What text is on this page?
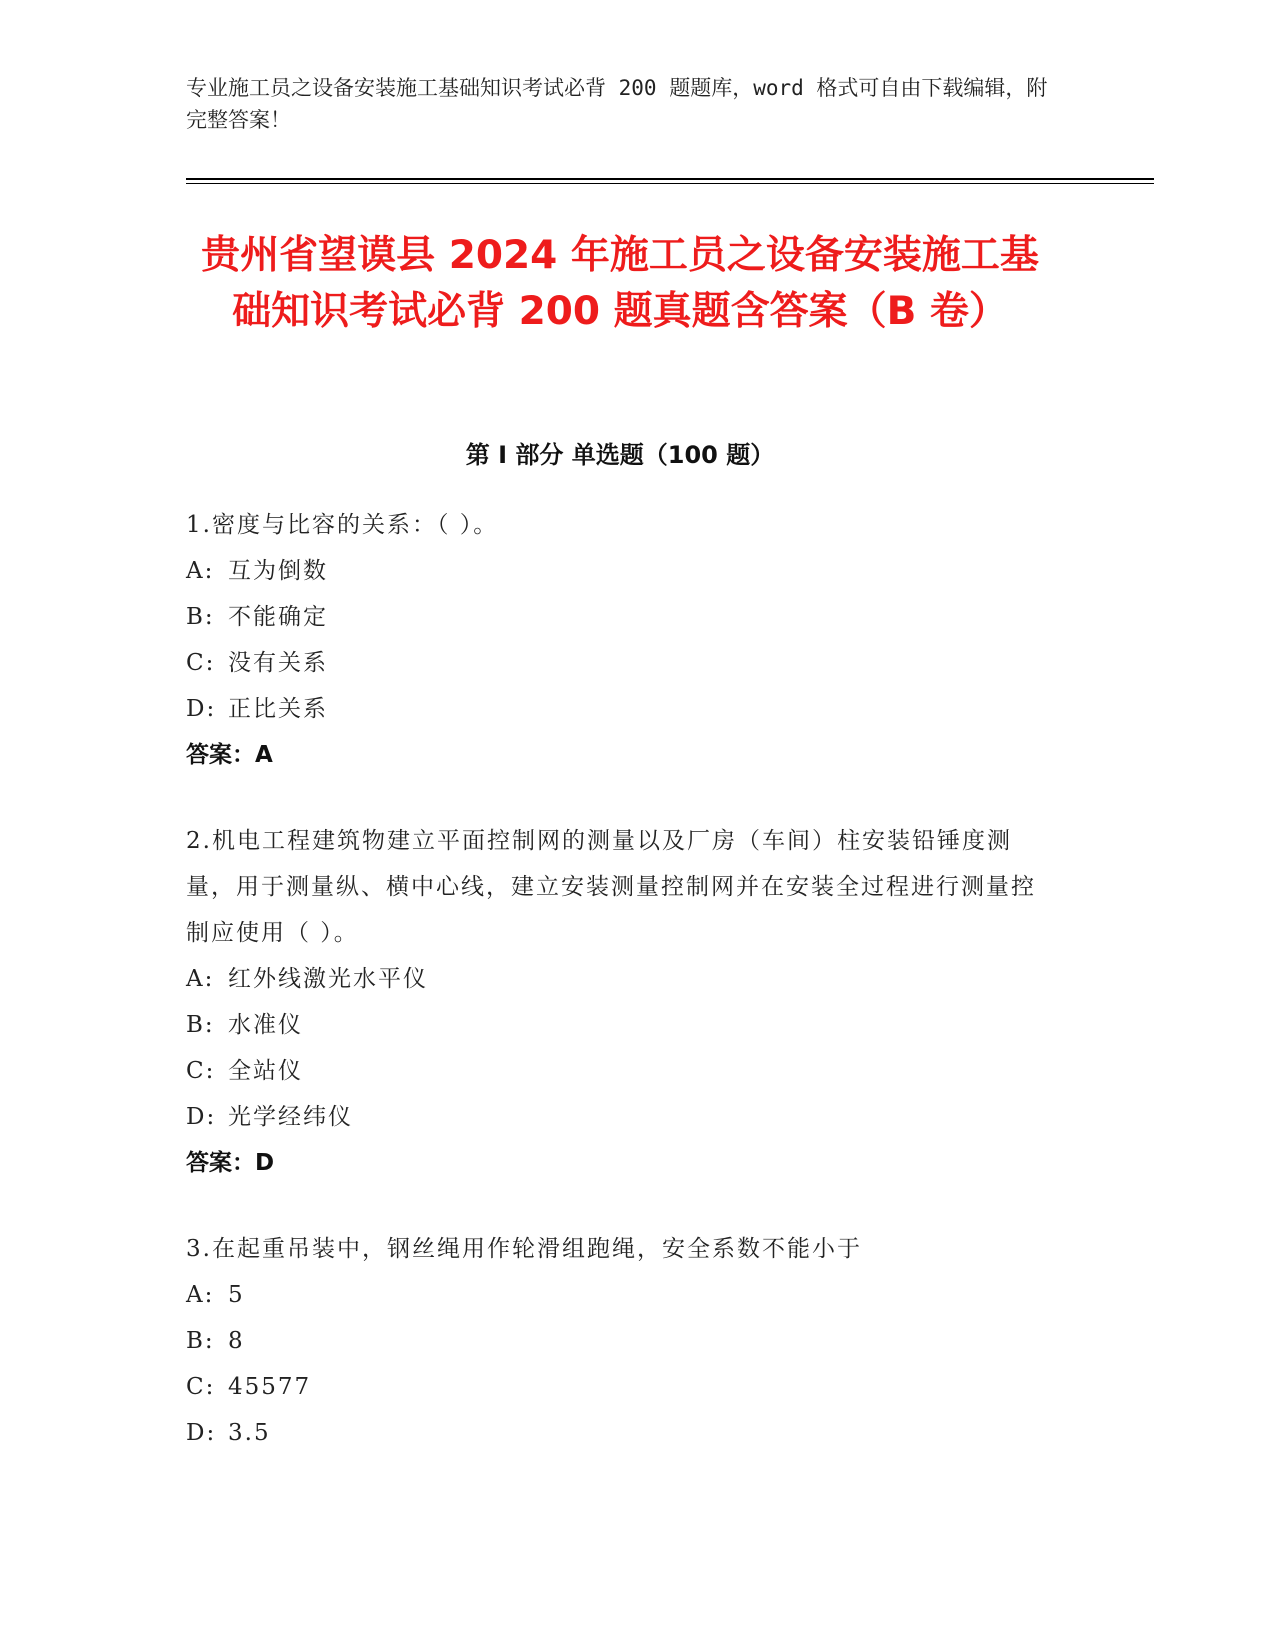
专业施工员之设备安装施工基础知识考试必背 200 题题库，word 格式可自由下载编辑，附完整答案！
贵州省望谟县 2024 年施工员之设备安装施工基础知识考试必背 200 题真题含答案（B 卷）
第 I 部分 单选题（100 题）
1.密度与比容的关系：（ ）。
A: 互为倒数
B: 不能确定
C: 没有关系
D: 正比关系
答案：A
2.机电工程建筑物建立平面控制网的测量以及厂房（车间）柱安装铅锤度测量，用于测量纵、横中心线，建立安装测量控制网并在安装全过程进行测量控制应使用（ ）。
A: 红外线激光水平仪
B: 水准仪
C: 全站仪
D: 光学经纬仪
答案：D
3.在起重吊装中，钢丝绳用作轮滑组跑绳，安全系数不能小于
A: 5
B: 8
C: 45577
D: 3.5
